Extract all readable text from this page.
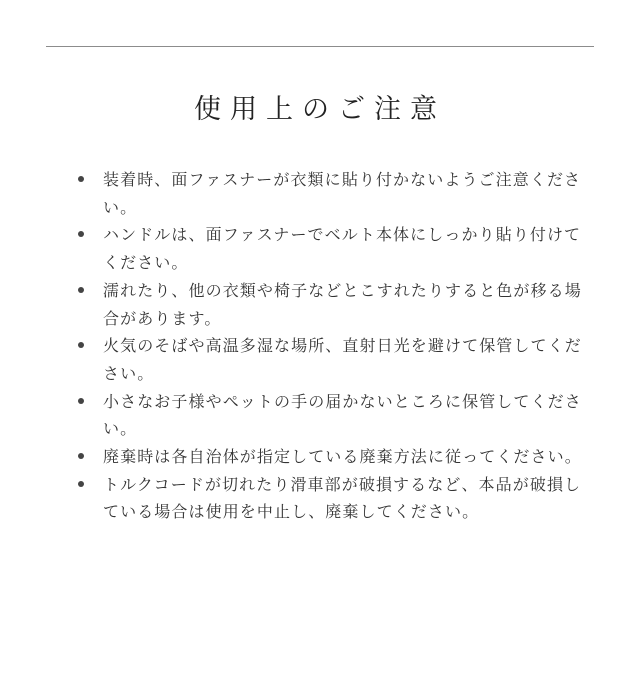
使用上のご注意
装着時、面ファスナーが衣類に貼り付かないようご注意ください。
ハンドルは、面ファスナーでベルト本体にしっかり貼り付けてください。
濡れたり、他の衣類や椅子などとこすれたりすると色が移る場合があります。
火気のそばや高温多湿な場所、直射日光を避けて保管してください。
小さなお子様やペットの手の届かないところに保管してください。
廃棄時は各自治体が指定している廃棄方法に従ってください。
トルクコードが切れたり滑車部が破損するなど、本品が破損している場合は使用を中止し、廃棄してください。
